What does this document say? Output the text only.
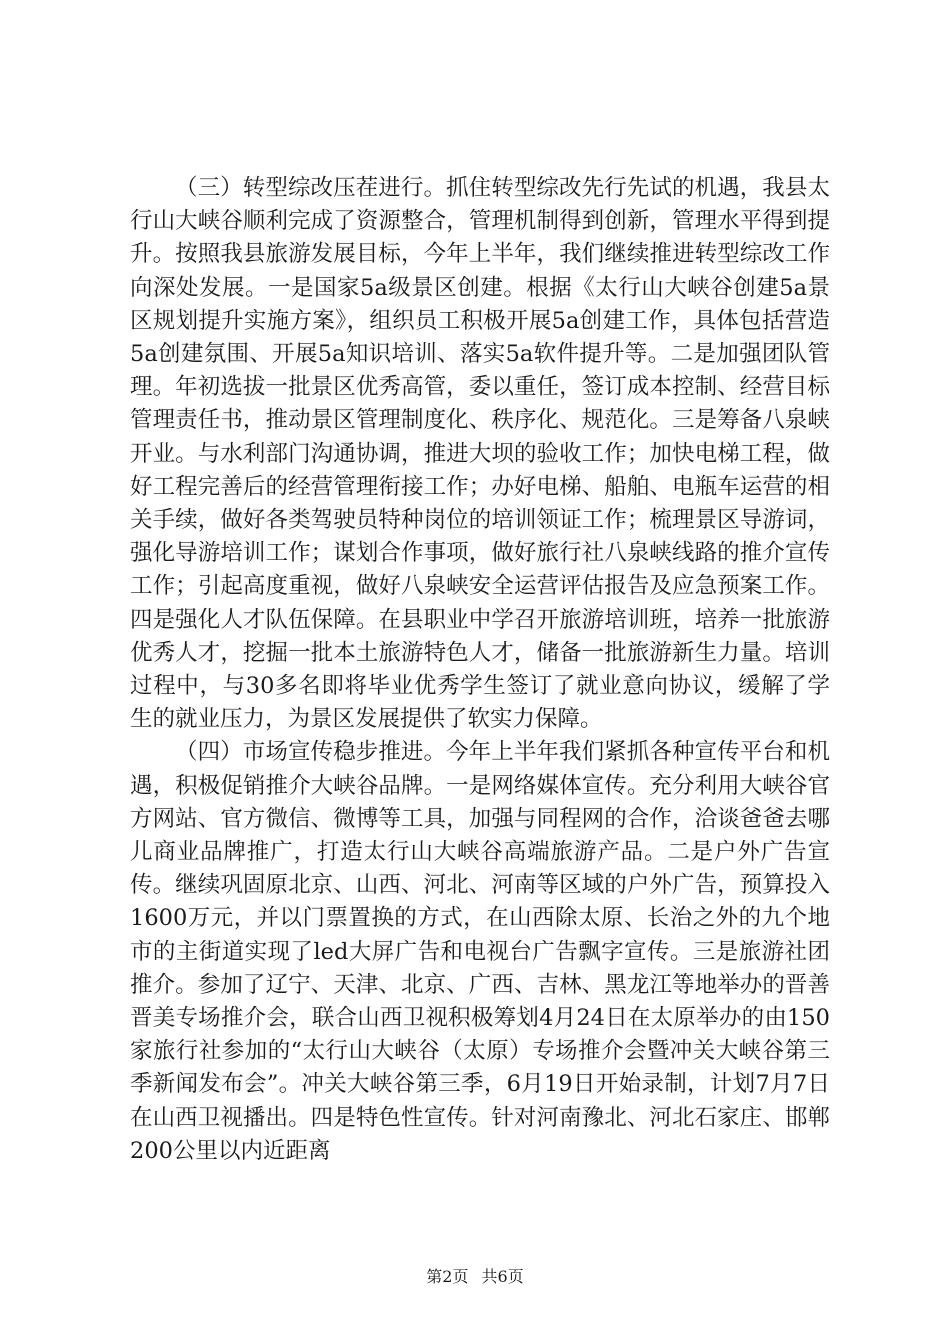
（三）转型综改压茬进行。抓住转型综改先行先试的机遇，我县太行山大峡谷顺利完成了资源整合，管理机制得到创新，管理水平得到提升。按照我县旅游发展目标，今年上半年，我们继续推进转型综改工作向深处发展。一是国家5a级景区创建。根据《太行山大峡谷创建5a景区规划提升实施方案》，组织员工积极开展5a创建工作，具体包括营造5a创建氛围、开展5a知识培训、落实5a软件提升等。二是加强团队管理。年初选拔一批景区优秀高管，委以重任，签订成本控制、经营目标管理责任书，推动景区管理制度化、秩序化、规范化。三是筹备八泉峡开业。与水利部门沟通协调，推进大坝的验收工作；加快电梯工程，做好工程完善后的经营管理衔接工作；办好电梯、船舶、电瓶车运营的相关手续，做好各类驾驶员特种岗位的培训领证工作；梳理景区导游词，强化导游培训工作；谋划合作事项，做好旅行社八泉峡线路的推介宣传工作；引起高度重视，做好八泉峡安全运营评估报告及应急预案工作。四是强化人才队伍保障。在县职业中学召开旅游培训班，培养一批旅游优秀人才，挖掘一批本土旅游特色人才，储备一批旅游新生力量。培训过程中，与30多名即将毕业优秀学生签订了就业意向协议，缓解了学生的就业压力，为景区发展提供了软实力保障。

（四）市场宣传稳步推进。今年上半年我们紧抓各种宣传平台和机遇，积极促销推介大峡谷品牌。一是网络媒体宣传。充分利用大峡谷官方网站、官方微信、微博等工具，加强与同程网的合作，洽谈爸爸去哪儿商业品牌推广，打造太行山大峡谷高端旅游产品。二是户外广告宣传。继续巩固原北京、山西、河北、河南等区域的户外广告，预算投入1600万元，并以门票置换的方式，在山西除太原、长治之外的九个地市的主街道实现了led大屏广告和电视台广告飘字宣传。三是旅游社团推介。参加了辽宁、天津、北京、广西、吉林、黑龙江等地举办的晋善晋美专场推介会，联合山西卫视积极筹划4月24日在太原举办的由150家旅行社参加的“太行山大峡谷（太原）专场推介会暨冲关大峡谷第三季新闻发布会”。冲关大峡谷第三季，6月19日开始录制，计划7月7日在山西卫视播出。四是特色性宣传。针对河南豫北、河北石家庄、邯郸200公里以内近距离

第2页 共6页
